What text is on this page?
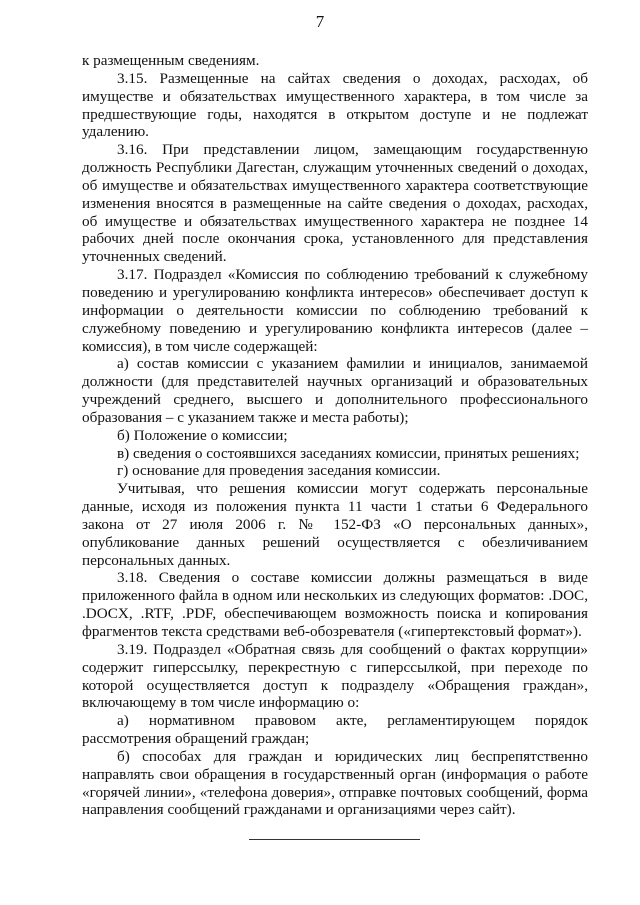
7

к размещенным сведениям.

3.15. Размещенные на сайтах сведения о доходах, расходах, об имуществе и обязательствах имущественного характера, в том числе за предшествующие годы, находятся в открытом доступе и не подлежат удалению.

3.16. При представлении лицом, замещающим государственную должность Республики Дагестан, служащим уточненных сведений о доходах, об имуществе и обязательствах имущественного характера соответствующие изменения вносятся в размещенные на сайте сведения о доходах, расходах, об имуществе и обязательствах имущественного характера не позднее 14 рабочих дней после окончания срока, установленного для представления уточненных сведений.

3.17. Подраздел «Комиссия по соблюдению требований к служебному поведению и урегулированию конфликта интересов» обеспечивает доступ к информации о деятельности комиссии по соблюдению требований к служебному поведению и урегулированию конфликта интересов (далее – комиссия), в том числе содержащей:

а) состав комиссии с указанием фамилии и инициалов, занимаемой должности (для представителей научных организаций и образовательных учреждений среднего, высшего и дополнительного профессионального образования – с указанием также и места работы);

б) Положение о комиссии;

в) сведения о состоявшихся заседаниях комиссии, принятых решениях;

г) основание для проведения заседания комиссии.

Учитывая, что решения комиссии могут содержать персональные данные, исходя из положения пункта 11 части 1 статьи 6 Федерального закона от 27 июля 2006 г. № 152-ФЗ «О персональных данных», опубликование данных решений осуществляется с обезличиванием персональных данных.

3.18. Сведения о составе комиссии должны размещаться в виде приложенного файла в одном или нескольких из следующих форматов: .DOC, .DOCX, .RTF, .PDF, обеспечивающем возможность поиска и копирования фрагментов текста средствами веб-обозревателя («гипертекстовый формат»).

3.19. Подраздел «Обратная связь для сообщений о фактах коррупции» содержит гиперссылку, перекрестную с гиперссылкой, при переходе по которой осуществляется доступ к подразделу «Обращения граждан», включающему в том числе информацию о:

а) нормативном правовом акте, регламентирующем порядок рассмотрения обращений граждан;

б) способах для граждан и юридических лиц беспрепятственно направлять свои обращения в государственный орган (информация о работе «горячей линии», «телефона доверия», отправке почтовых сообщений, форма направления сообщений гражданами и организациями через сайт).
